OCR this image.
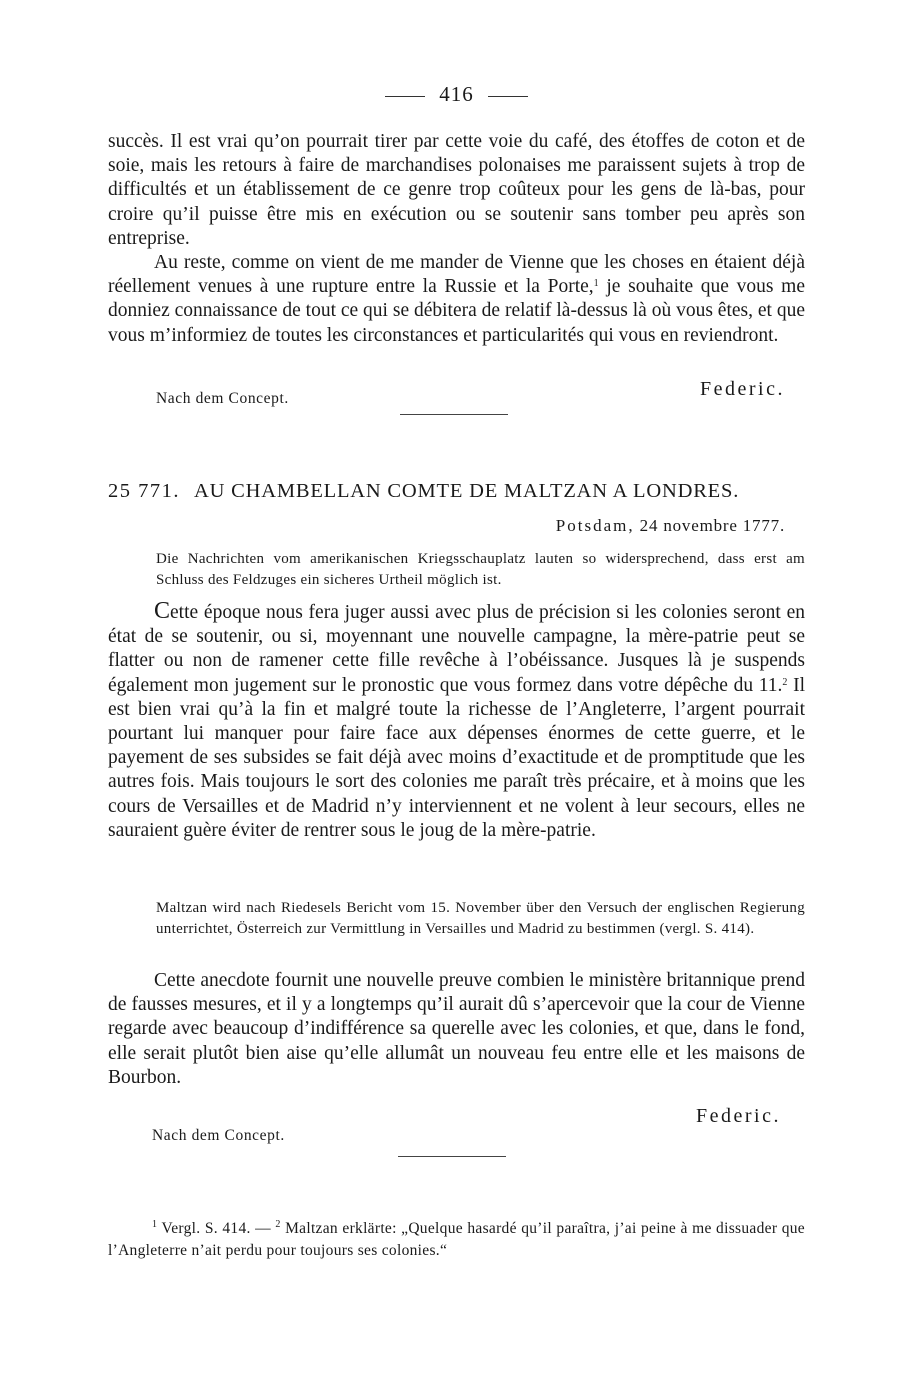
416

succès. Il est vrai qu’on pourrait tirer par cette voie du café, des étoffes de coton et de soie, mais les retours à faire de marchandises polonaises me paraissent sujets à trop de difficultés et un établissement de ce genre trop coûteux pour les gens de là-bas, pour croire qu’il puisse être mis en exécution ou se soutenir sans tomber peu après son entreprise.

Au reste, comme on vient de me mander de Vienne que les choses en étaient déjà réellement venues à une rupture entre la Russie et la Porte,$^1$ je souhaite que vous me donniez connaissance de tout ce qui se débitera de relatif là-dessus là où vous êtes, et que vous m’informiez de toutes les circonstances et particularités qui vous en reviendront.

Nach dem Concept.	Federic.
25 771. AU CHAMBELLAN COMTE DE MALTZAN A LONDRES.
Potsdam, 24 novembre 1777.

Die Nachrichten vom amerikanischen Kriegsschauplatz lauten so widersprechend, dass erst am Schluss des Feldzuges ein sicheres Urtheil möglich ist.

Cette époque nous fera juger aussi avec plus de précision si les colonies seront en état de se soutenir, ou si, moyennant une nouvelle campagne, la mère-patrie peut se flatter ou non de ramener cette fille revêche à l’obéissance. Jusques là je suspends également mon jugement sur le pronostic que vous formez dans votre dépêche du 11.$^2$ Il est bien vrai qu’à la fin et malgré toute la richesse de l’Angleterre, l’argent pourrait pourtant lui manquer pour faire face aux dépenses énormes de cette guerre, et le payement de ses subsides se fait déjà avec moins d’exactitude et de promptitude que les autres fois. Mais toujours le sort des colonies me paraît très précaire, et à moins que les cours de Versailles et de Madrid n’y interviennent et ne volent à leur secours, elles ne sauraient guère éviter de rentrer sous le joug de la mère-patrie.

Maltzan wird nach Riedesels Bericht vom 15. November über den Versuch der englischen Regierung unterrichtet, Österreich zur Vermittlung in Versailles und Madrid zu bestimmen (vergl. S. 414).

Cette anecdote fournit une nouvelle preuve combien le ministère britannique prend de fausses mesures, et il y a longtemps qu’il aurait dû s’apercevoir que la cour de Vienne regarde avec beaucoup d’indifférence sa querelle avec les colonies, et que, dans le fond, elle serait plutôt bien aise qu’elle allumât un nouveau feu entre elle et les maisons de Bourbon.

Nach dem Concept.
Federic.

$^1$ Vergl. S. 414. — $^2$ Maltzan erklärte: „Quelque hasardé qu’il paraîtra, j’ai peine à me dissuader que l’Angleterre n’ait perdu pour toujours ses colonies.“
